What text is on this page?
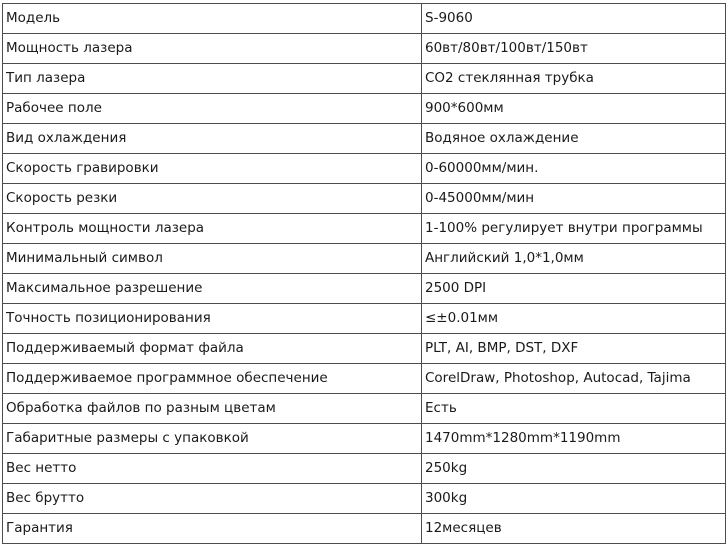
Модель	S-9060
Мощность лазера	60вт/80вт/100вт/150вт
Тип лазера	CO2 стеклянная трубка
Рабочее поле	900*600мм
Вид охлаждения	Водяное охлаждение
Скорость гравировки	0-60000мм/мин.
Скорость резки	0-45000мм/мин
Контроль мощности лазера	1-100% регулирует внутри программы
Минимальный символ	Английский 1,0*1,0мм
Максимальное разрешение	2500 DPI
Точность позиционирования	≤±0.01мм
Поддерживаемый формат файла	PLT, AI, BMP, DST, DXF
Поддерживаемое программное обеспечение	CorelDraw, Photoshop, Autocad, Tajima
Обработка файлов по разным цветам	Есть
Габаритные размеры с упаковкой	1470mm*1280mm*1190mm
Вес нетто	250kg
Вес брутто	300kg
Гарантия	12месяцев
